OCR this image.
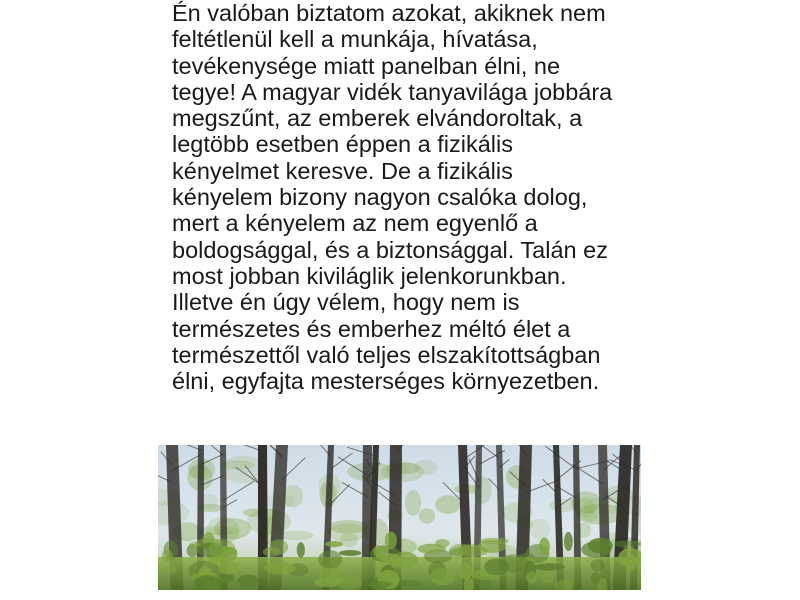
Én valóban biztatom azokat, akiknek nem
feltétlenül kell a munkája, hívatása,
tevékenysége miatt panelban élni, ne
tegye! A magyar vidék tanyavilága jobbára
megszűnt, az emberek elvándoroltak, a
legtöbb esetben éppen a fizikális
kényelmet keresve. De a fizikális
kényelem bizony nagyon csalóka dolog,
mert a kényelem az nem egyenlő a
boldogsággal, és a biztonsággal. Talán ez
most jobban kiviláglik jelenkorunkban.
Illetve én úgy vélem, hogy nem is
természetes és emberhez méltó élet a
természettől való teljes elszakítottságban
élni, egyfajta mesterséges környezetben.
